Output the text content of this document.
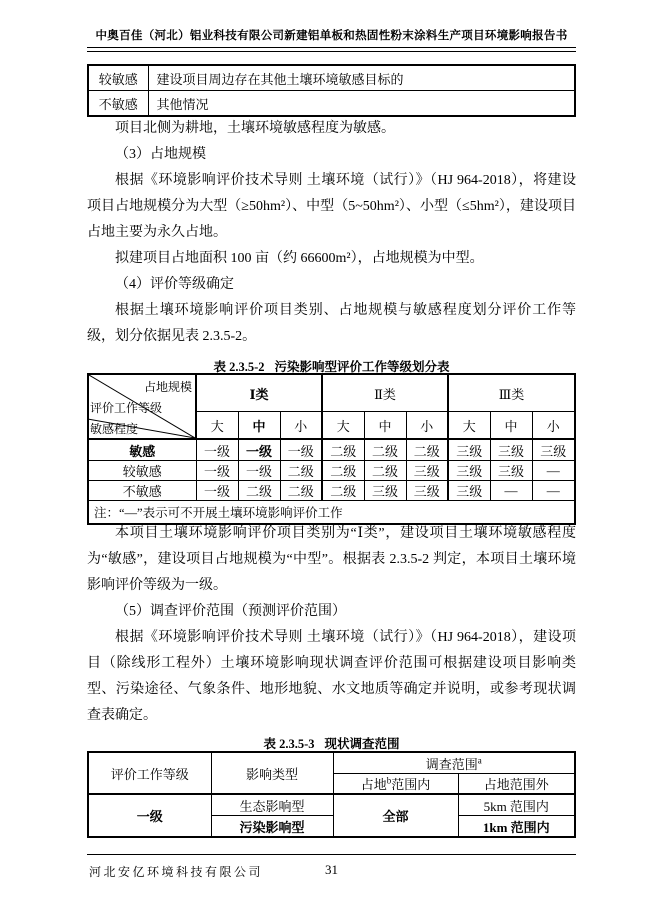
中奥百佳（河北）铝业科技有限公司新建铝单板和热固性粉末涂料生产项目环境影响报告书
较敏感	建设项目周边存在其他土壤环境敏感目标的
不敏感	其他情况

项目北侧为耕地，土壤环境敏感程度为敏感。

（3）占地规模

根据《环境影响评价技术导则 土壤环境（试行）》（HJ 964-2018），将建设项目占地规模分为大型（≥50hm²）、中型（5~50hm²）、小型（≤5hm²），建设项目占地主要为永久占地。

拟建项目占地面积 100 亩（约 66600m²），占地规模为中型。

（4）评价等级确定

根据土壤环境影响评价项目类别、占地规模与敏感程度划分评价工作等级，划分依据见表 2.3.5-2。

表 2.3.5-2 污染影响型评价工作等级划分表
占地规模
评价工作等级
敏感程度	Ⅰ类			Ⅱ类			Ⅲ类		
	大	中	小	大	中	小	大	中	小
敏感	一级	一级	一级	二级	二级	二级	三级	三级	三级
较敏感	一级	一级	二级	二级	二级	三级	三级	三级	—
不敏感	一级	二级	二级	二级	三级	三级	三级	—	—
注：“—”表示可不开展土壤环境影响评价工作									

本项目土壤环境影响评价项目类别为“Ⅰ类”，建设项目土壤环境敏感程度为“敏感”，建设项目占地规模为“中型”。根据表 2.3.5-2 判定，本项目土壤环境影响评价等级为一级。

（5）调查评价范围（预测评价范围）

根据《环境影响评价技术导则 土壤环境（试行）》（HJ 964-2018），建设项目（除线形工程外）土壤环境影响现状调查评价范围可根据建设项目影响类型、污染途径、气象条件、地形地貌、水文地质等确定并说明，或参考现状调查表确定。

表 2.3.5-3 现状调查范围
评价工作等级	影响类型	调查范围$^a$
		占地$^b$范围内	占地范围外
一级	生态影响型	全部	5km 范围内
	污染影响型		1km 范围内
河北安亿环境科技有限公司	31
